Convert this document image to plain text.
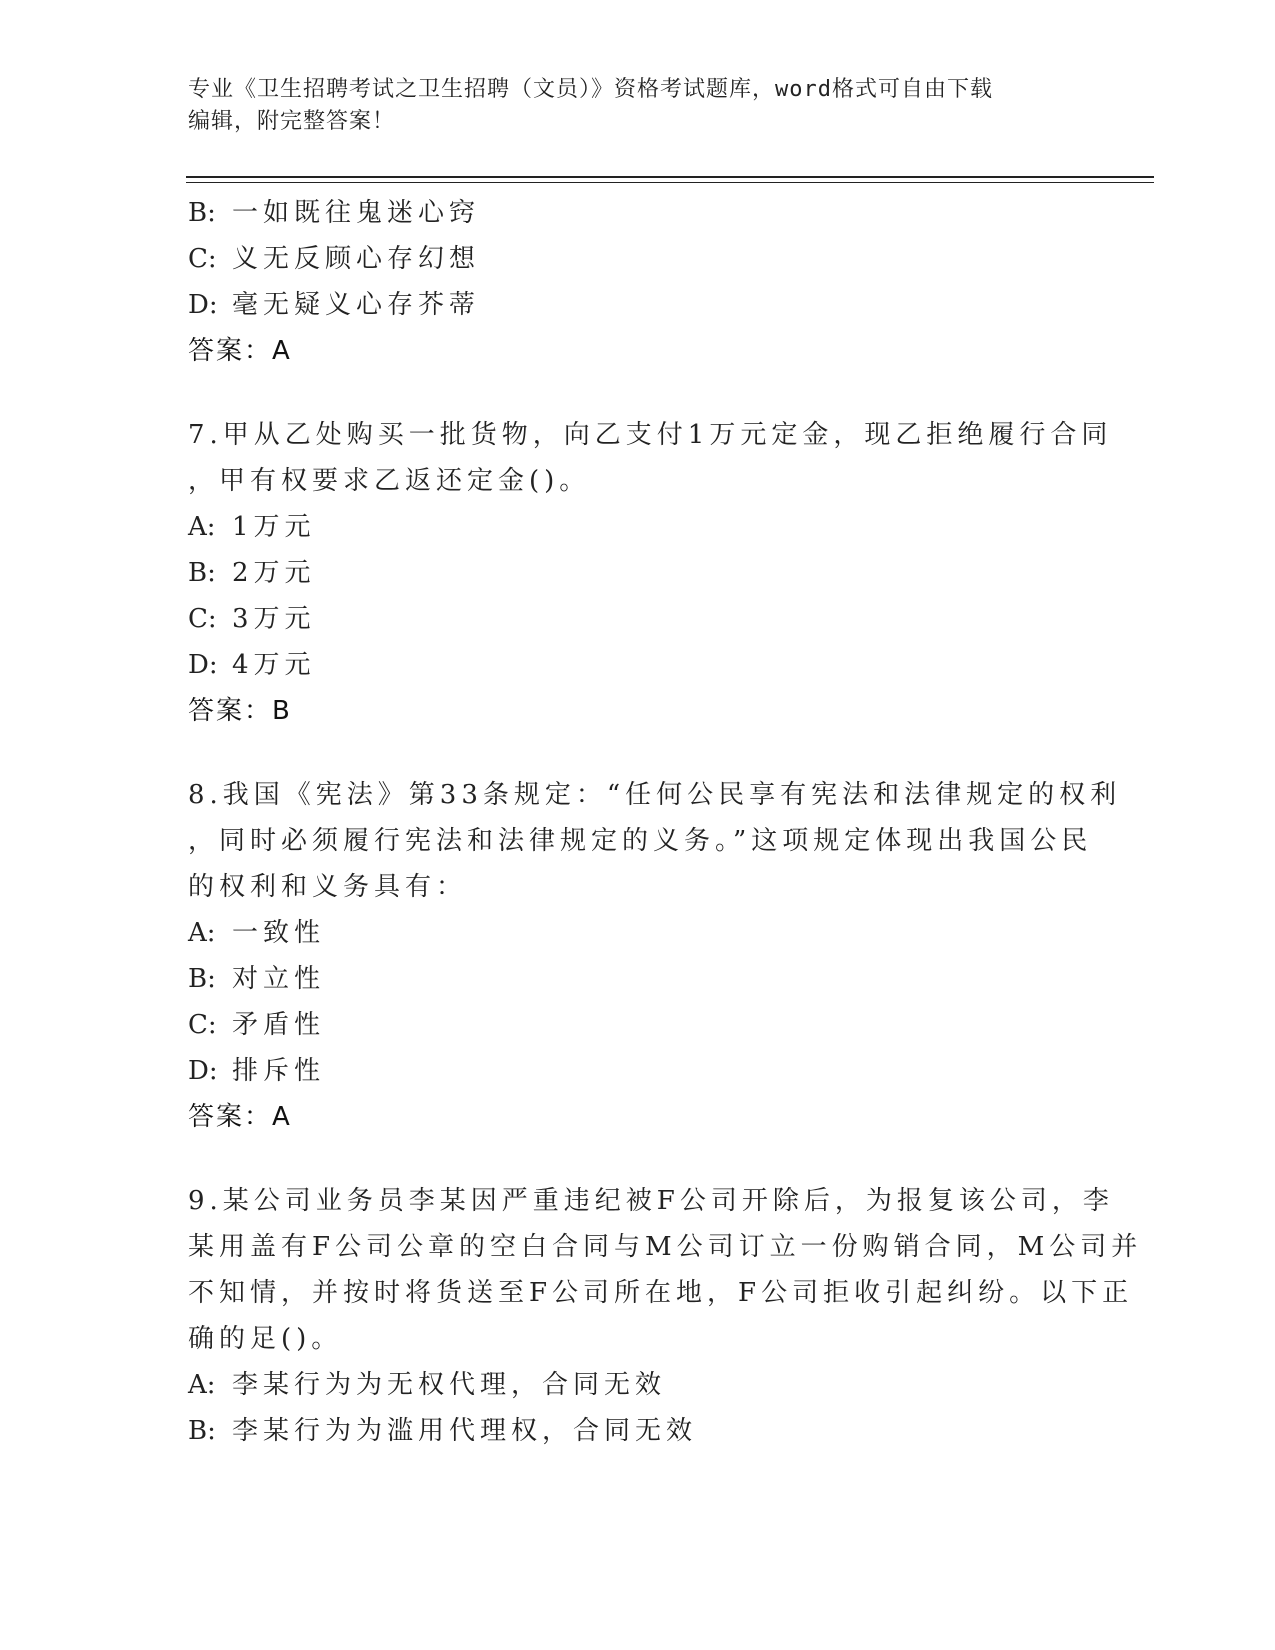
专业《卫生招聘考试之卫生招聘（文员）》资格考试题库，word格式可自由下载
编辑，附完整答案！
B: 一如既往鬼迷心窍
C: 义无反顾心存幻想
D: 毫无疑义心存芥蒂
答案：A
7.甲从乙处购买一批货物，向乙支付1万元定金，现乙拒绝履行合同
，甲有权要求乙返还定金()。
A: 1万元
B: 2万元
C: 3万元
D: 4万元
答案：B
8.我国《宪法》第33条规定：“任何公民享有宪法和法律规定的权利
，同时必须履行宪法和法律规定的义务。”这项规定体现出我国公民
的权利和义务具有：
A: 一致性
B: 对立性
C: 矛盾性
D: 排斥性
答案：A
9.某公司业务员李某因严重违纪被F公司开除后，为报复该公司，李
某用盖有F公司公章的空白合同与M公司订立一份购销合同，M公司并
不知情，并按时将货送至F公司所在地，F公司拒收引起纠纷。以下正
确的足()。
A: 李某行为为无权代理，合同无效
B: 李某行为为滥用代理权，合同无效
